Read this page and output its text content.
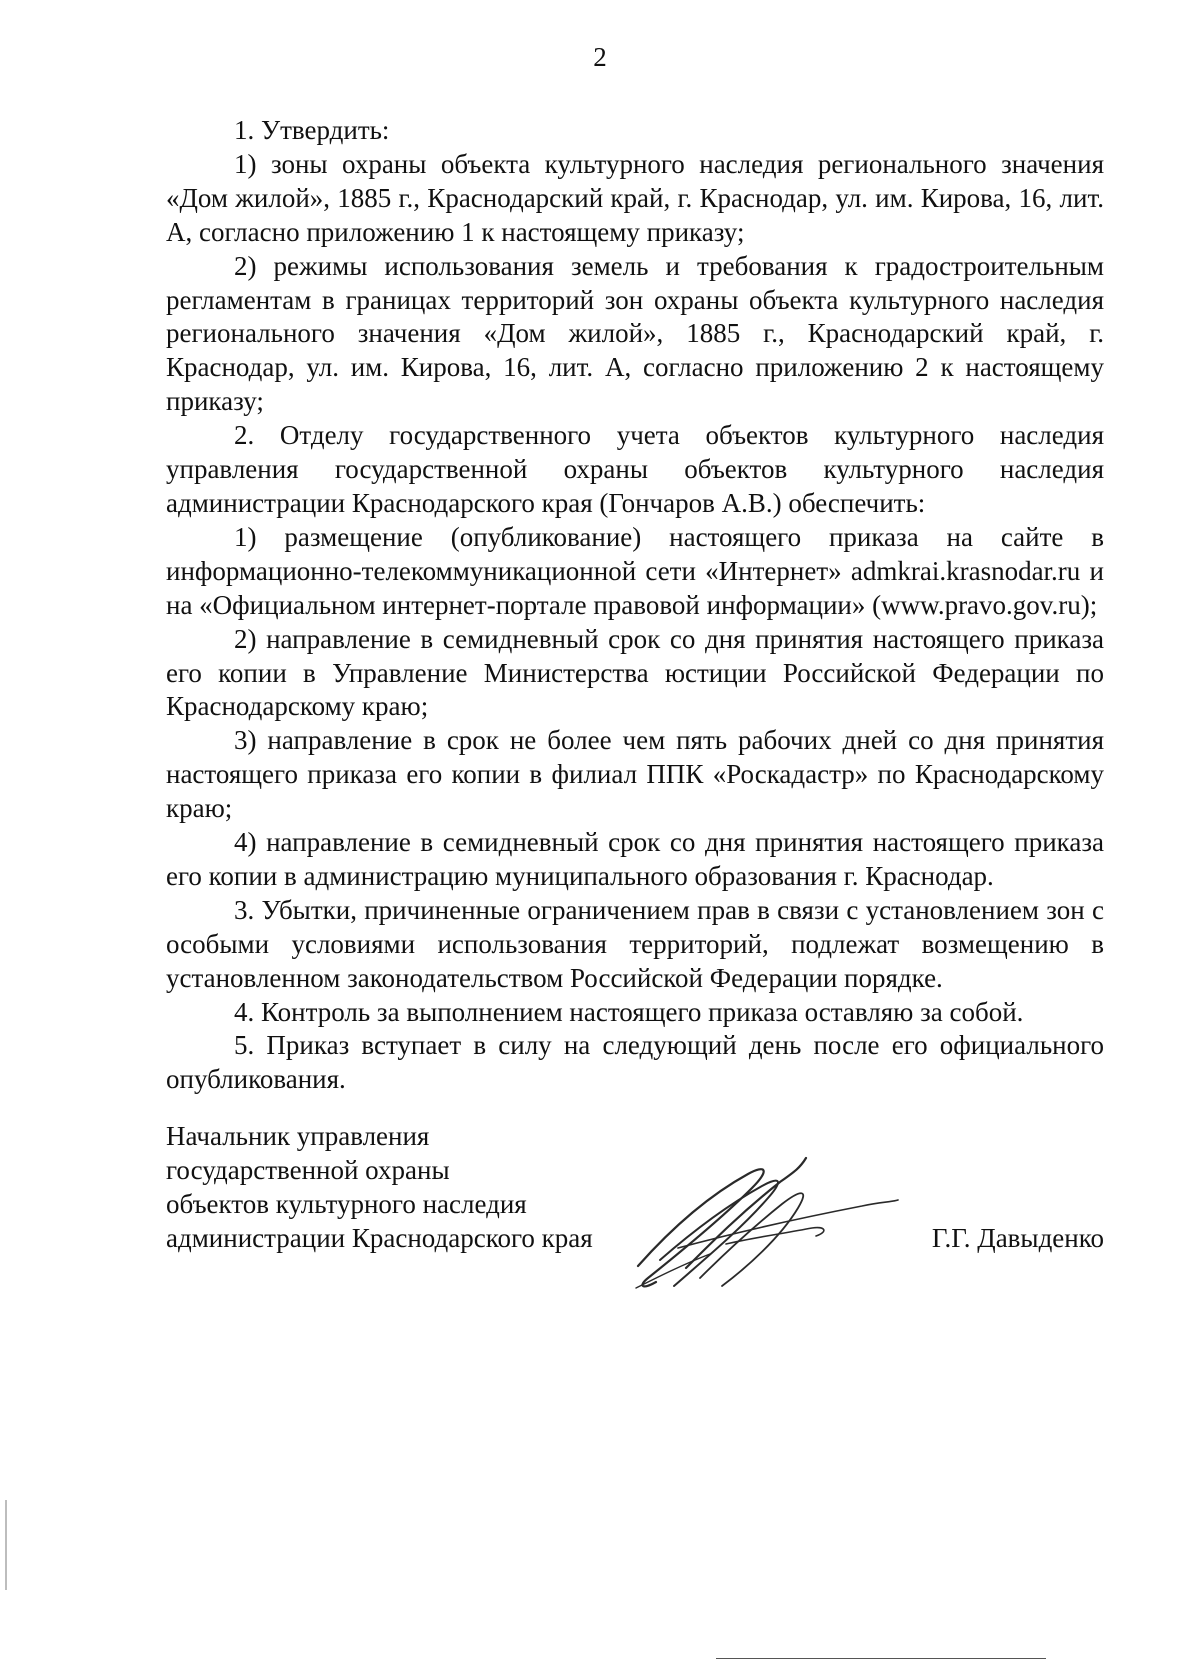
2

1. Утвердить:

1) зоны охраны объекта культурного наследия регионального значения «Дом жилой», 1885 г., Краснодарский край, г. Краснодар, ул. им. Кирова, 16, лит. А, согласно приложению 1 к настоящему приказу;

2) режимы использования земель и требования к градостроительным регламентам в границах территорий зон охраны объекта культурного наследия регионального значения «Дом жилой», 1885 г., Краснодарский край, г. Краснодар, ул. им. Кирова, 16, лит. А, согласно приложению 2 к настоящему приказу;

2. Отделу государственного учета объектов культурного наследия управления государственной охраны объектов культурного наследия администрации Краснодарского края (Гончаров А.В.) обеспечить:

1) размещение (опубликование) настоящего приказа на сайте в информационно-телекоммуникационной сети «Интернет» admkrai.krasnodar.ru и на «Официальном интернет-портале правовой информации» (www.pravo.gov.ru);

2) направление в семидневный срок со дня принятия настоящего приказа его копии в Управление Министерства юстиции Российской Федерации по Краснодарскому краю;

3) направление в срок не более чем пять рабочих дней со дня принятия настоящего приказа его копии в филиал ППК «Роскадастр» по Краснодарскому краю;

4) направление в семидневный срок со дня принятия настоящего приказа его копии в администрацию муниципального образования г. Краснодар.

3. Убытки, причиненные ограничением прав в связи с установлением зон с особыми условиями использования территорий, подлежат возмещению в установленном законодательством Российской Федерации порядке.

4. Контроль за выполнением настоящего приказа оставляю за собой.

5. Приказ вступает в силу на следующий день после его официального опубликования.

Начальник управления
государственной охраны
объектов культурного наследия
администрации Краснодарского края	Г.Г. Давыденко
